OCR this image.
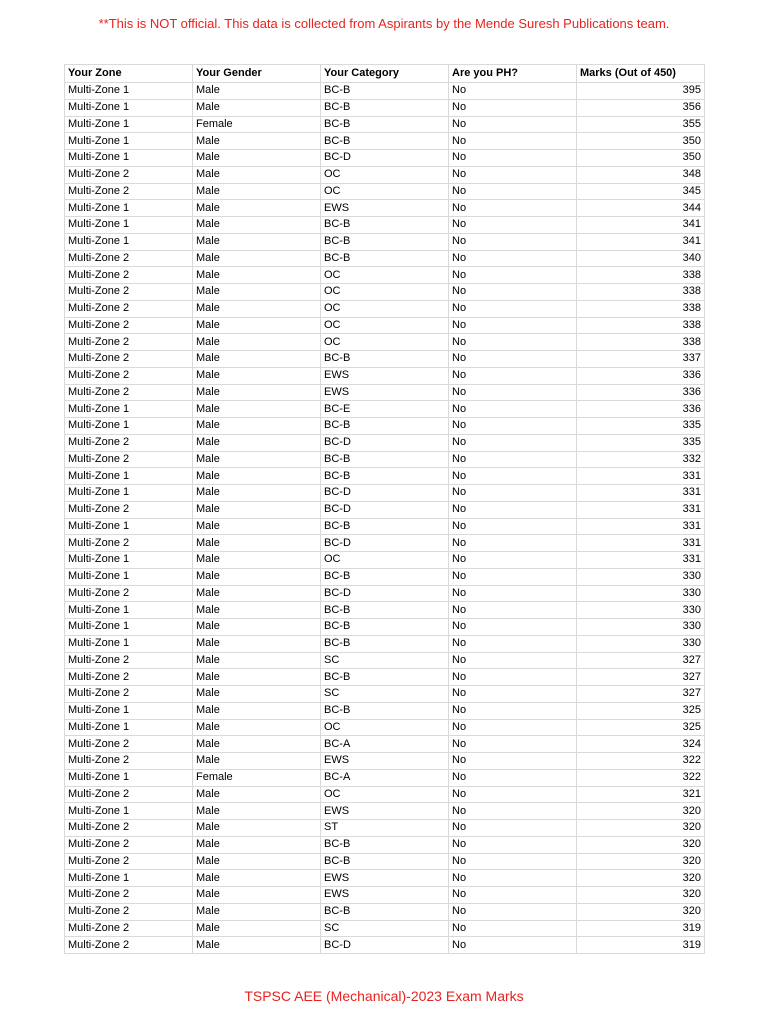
**This is NOT official. This data is collected from Aspirants by the Mende Suresh Publications team.
Your Zone	Your Gender	Your Category	Are you PH?	Marks (Out of 450)
Multi-Zone 1	Male	BC-B	No	395
Multi-Zone 1	Male	BC-B	No	356
Multi-Zone 1	Female	BC-B	No	355
Multi-Zone 1	Male	BC-B	No	350
Multi-Zone 1	Male	BC-D	No	350
Multi-Zone 2	Male	OC	No	348
Multi-Zone 2	Male	OC	No	345
Multi-Zone 1	Male	EWS	No	344
Multi-Zone 1	Male	BC-B	No	341
Multi-Zone 1	Male	BC-B	No	341
Multi-Zone 2	Male	BC-B	No	340
Multi-Zone 2	Male	OC	No	338
Multi-Zone 2	Male	OC	No	338
Multi-Zone 2	Male	OC	No	338
Multi-Zone 2	Male	OC	No	338
Multi-Zone 2	Male	OC	No	338
Multi-Zone 2	Male	BC-B	No	337
Multi-Zone 2	Male	EWS	No	336
Multi-Zone 2	Male	EWS	No	336
Multi-Zone 1	Male	BC-E	No	336
Multi-Zone 1	Male	BC-B	No	335
Multi-Zone 2	Male	BC-D	No	335
Multi-Zone 2	Male	BC-B	No	332
Multi-Zone 1	Male	BC-B	No	331
Multi-Zone 1	Male	BC-D	No	331
Multi-Zone 2	Male	BC-D	No	331
Multi-Zone 1	Male	BC-B	No	331
Multi-Zone 2	Male	BC-D	No	331
Multi-Zone 1	Male	OC	No	331
Multi-Zone 1	Male	BC-B	No	330
Multi-Zone 2	Male	BC-D	No	330
Multi-Zone 1	Male	BC-B	No	330
Multi-Zone 1	Male	BC-B	No	330
Multi-Zone 1	Male	BC-B	No	330
Multi-Zone 2	Male	SC	No	327
Multi-Zone 2	Male	BC-B	No	327
Multi-Zone 2	Male	SC	No	327
Multi-Zone 1	Male	BC-B	No	325
Multi-Zone 1	Male	OC	No	325
Multi-Zone 2	Male	BC-A	No	324
Multi-Zone 2	Male	EWS	No	322
Multi-Zone 1	Female	BC-A	No	322
Multi-Zone 2	Male	OC	No	321
Multi-Zone 1	Male	EWS	No	320
Multi-Zone 2	Male	ST	No	320
Multi-Zone 2	Male	BC-B	No	320
Multi-Zone 2	Male	BC-B	No	320
Multi-Zone 1	Male	EWS	No	320
Multi-Zone 2	Male	EWS	No	320
Multi-Zone 2	Male	BC-B	No	320
Multi-Zone 2	Male	SC	No	319
Multi-Zone 2	Male	BC-D	No	319
TSPSC AEE (Mechanical)-2023 Exam Marks
